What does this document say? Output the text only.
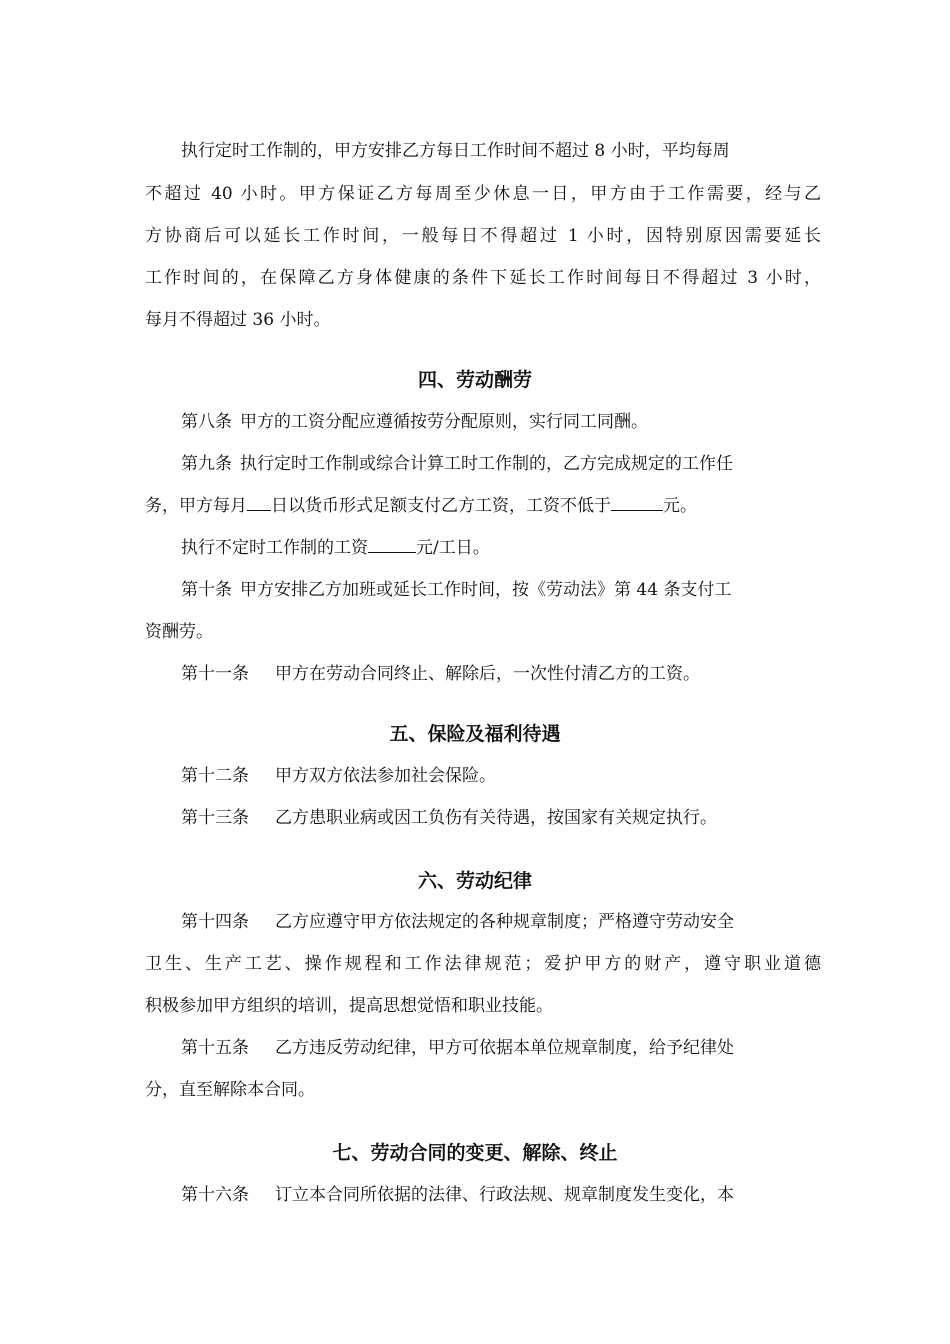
执行定时工作制的，甲方安排乙方每日工作时间不超过 8 小时，平均每周
不超过 40 小时。甲方保证乙方每周至少休息一日，甲方由于工作需要，经与乙
方协商后可以延长工作时间，一般每日不得超过 1 小时，因特别原因需要延长
工作时间的，在保障乙方身体健康的条件下延长工作时间每日不得超过 3 小时，
每月不得超过 36 小时。
四、劳动酬劳
第八条 甲方的工资分配应遵循按劳分配原则，实行同工同酬。
第九条 执行定时工作制或综合计算工时工作制的，乙方完成规定的工作任
务，甲方每月 日以货币形式足额支付乙方工资，工资不低于	元。
执行不定时工作制的工资	元/工日。
第十条 甲方安排乙方加班或延长工作时间，按《劳动法》第 44 条支付工
资酬劳。
第十一条 甲方在劳动合同终止、解除后，一次性付清乙方的工资。
五、保险及福利待遇
第十二条 甲方双方依法参加社会保险。
第十三条 乙方患职业病或因工负伤有关待遇，按国家有关规定执行。
六、劳动纪律
第十四条 乙方应遵守甲方依法规定的各种规章制度；严格遵守劳动安全
卫生、生产工艺、操作规程和工作法律规范；爱护甲方的财产，遵守职业道德
积极参加甲方组织的培训，提高思想觉悟和职业技能。
第十五条 乙方违反劳动纪律，甲方可依据本单位规章制度，给予纪律处
分，直至解除本合同。
七、劳动合同的变更、解除、终止
第十六条 订立本合同所依据的法律、行政法规、规章制度发生变化，本
